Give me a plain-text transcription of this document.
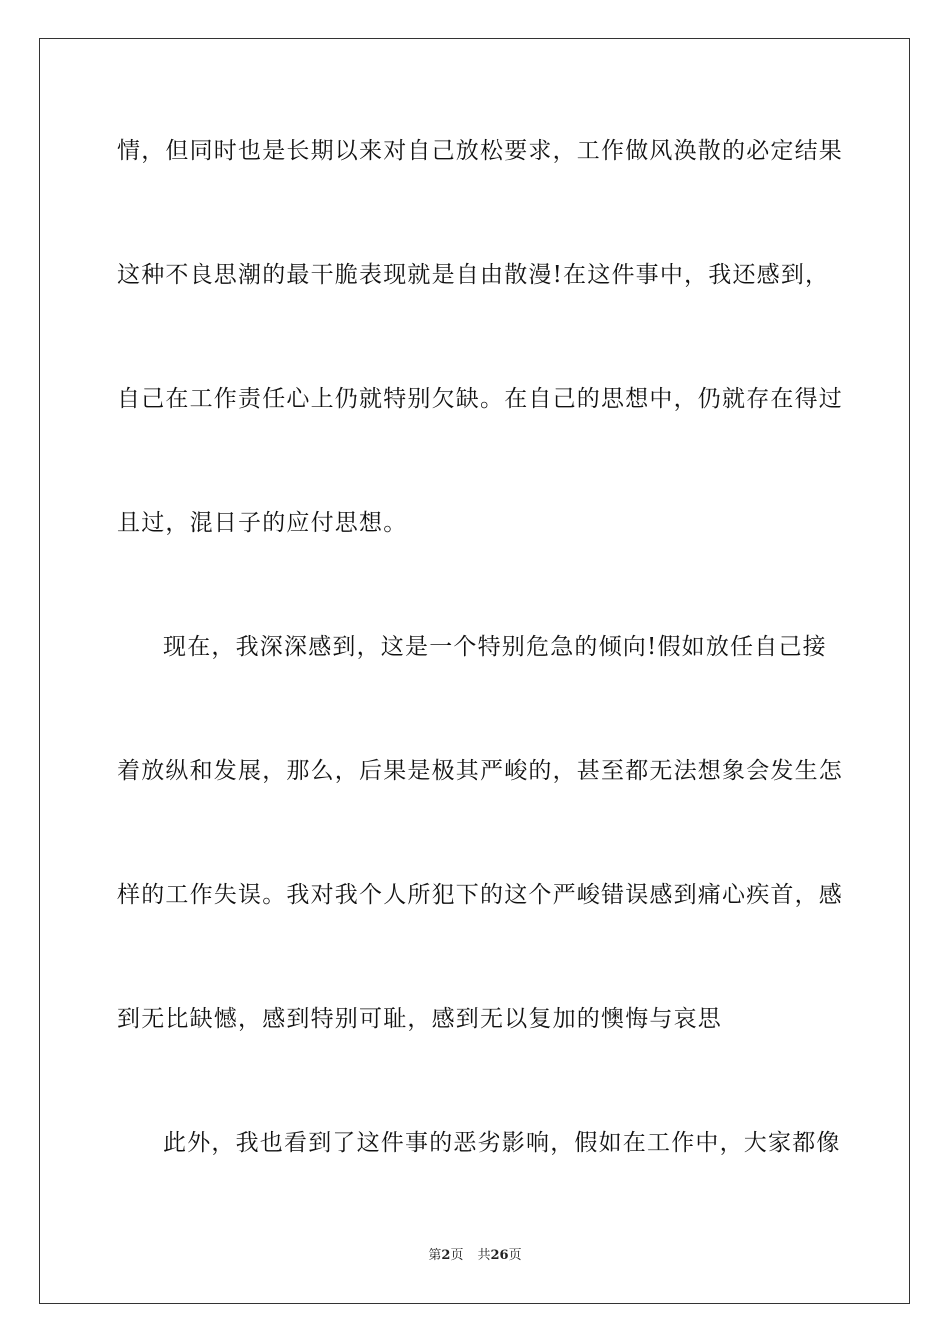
情，但同时也是长期以来对自己放松要求，工作做风涣散的必定结果
这种不良思潮的最干脆表现就是自由散漫!在这件事中，我还感到，
自己在工作责任心上仍就特别欠缺。在自己的思想中，仍就存在得过
且过，混日子的应付思想。
现在，我深深感到，这是一个特别危急的倾向!假如放任自己接
着放纵和发展，那么，后果是极其严峻的，甚至都无法想象会发生怎
样的工作失误。我对我个人所犯下的这个严峻错误感到痛心疾首，感
到无比缺憾，感到特别可耻，感到无以复加的懊悔与哀思
此外，我也看到了这件事的恶劣影响，假如在工作中，大家都像
第2页 共26页
